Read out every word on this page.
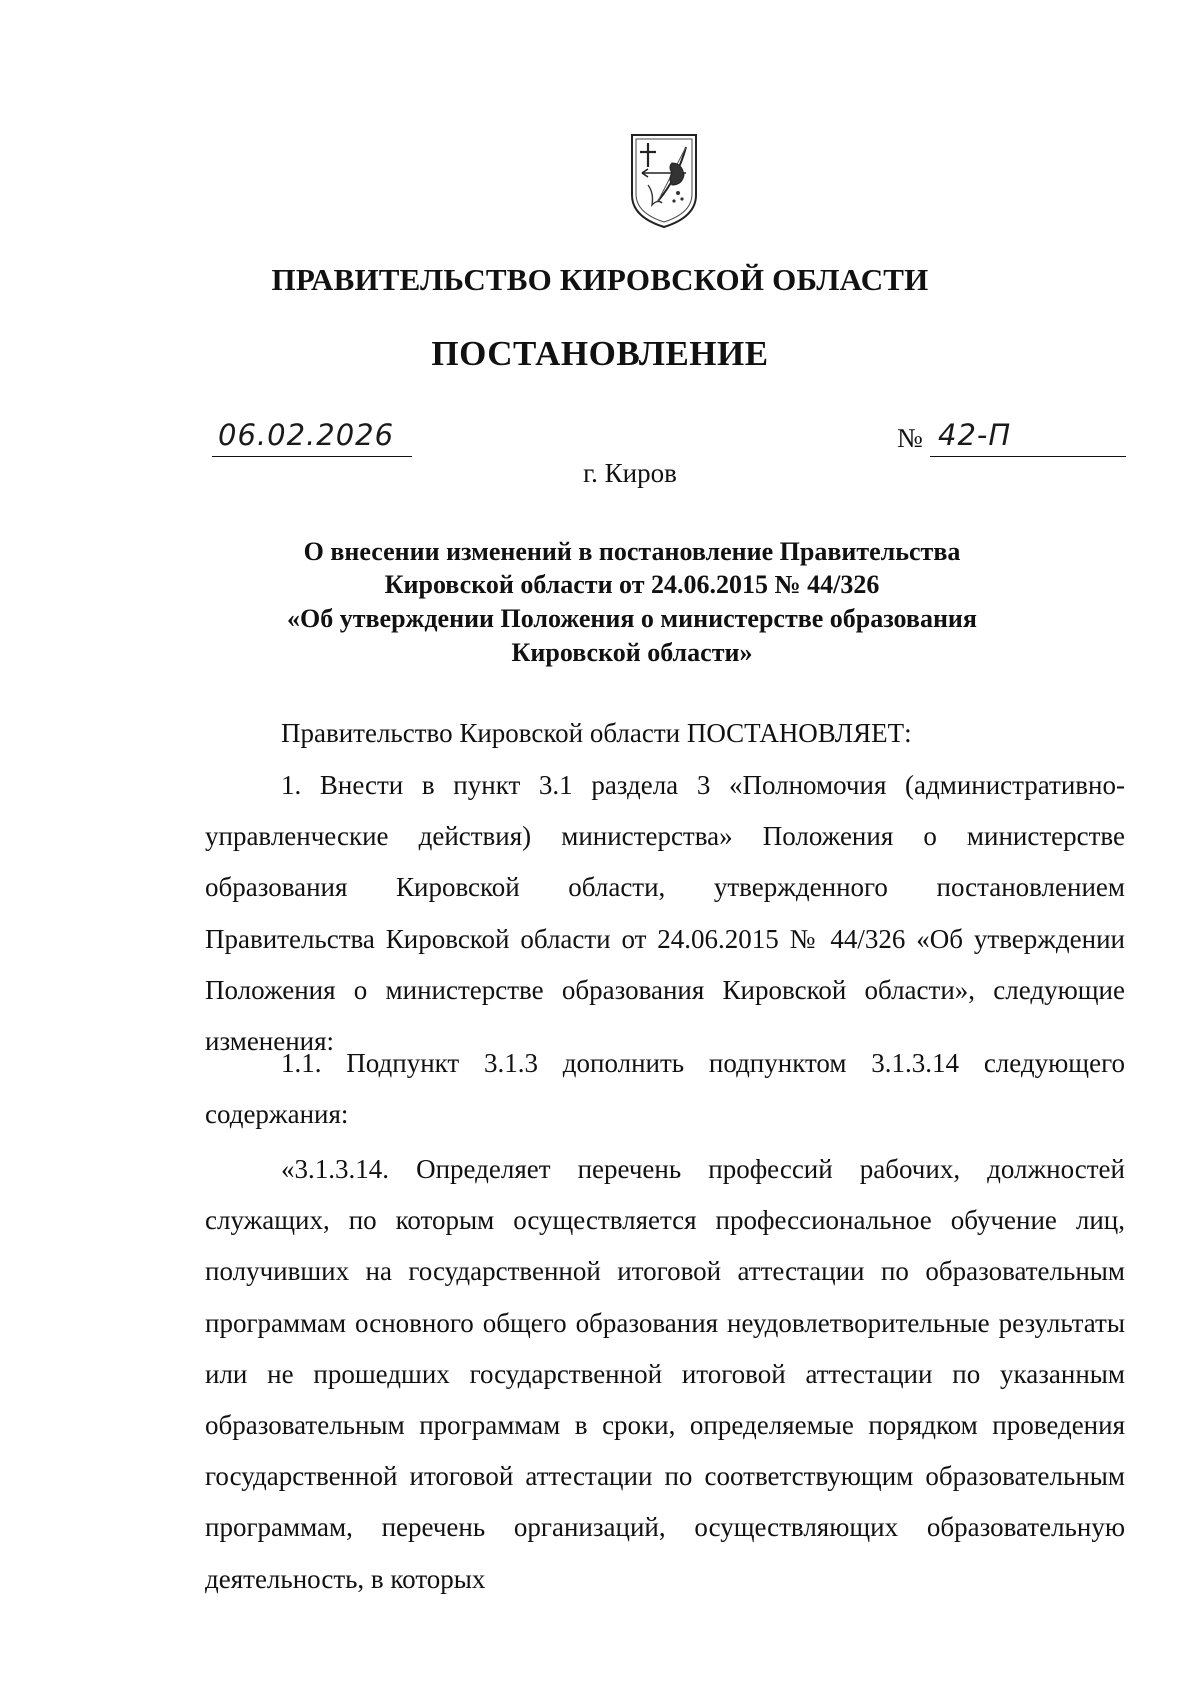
ПРАВИТЕЛЬСТВО КИРОВСКОЙ ОБЛАСТИ
ПОСТАНОВЛЕНИЕ
06.02.2026	№ 42-П
г. Киров
О внесении изменений в постановление Правительства
Кировской области от 24.06.2015 № 44/326
«Об утверждении Положения о министерстве образования
Кировской области»
Правительство Кировской области ПОСТАНОВЛЯЕТ:
1. Внести в пункт 3.1 раздела 3 «Полномочия (административно-управленческие действия) министерства» Положения о министерстве образования Кировской области, утвержденного постановлением Правительства Кировской области от 24.06.2015 № 44/326 «Об утверждении Положения о министерстве образования Кировской области», следующие изменения:
1.1. Подпункт 3.1.3 дополнить подпунктом 3.1.3.14 следующего содержания:
«3.1.3.14. Определяет перечень профессий рабочих, должностей служащих, по которым осуществляется профессиональное обучение лиц, получивших на государственной итоговой аттестации по образовательным программам основного общего образования неудовлетворительные результаты или не прошедших государственной итоговой аттестации по указанным образовательным программам в сроки, определяемые порядком проведения государственной итоговой аттестации по соответствующим образовательным программам, перечень организаций, осуществляющих образовательную деятельность, в которых
